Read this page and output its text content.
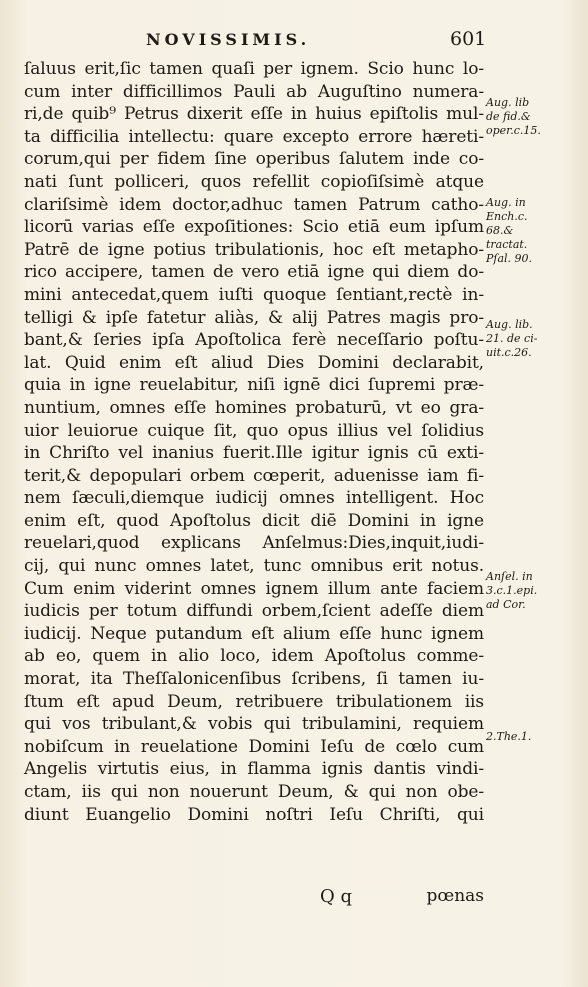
NOVISSIMIS.	601
ſaluus erit,ſic tamen quaſi per ignem. Scio hunc lo-
cum inter difficillimos Pauli ab Auguſtino numera-
ri,de quib⁹ Petrus dixerit eſſe in huius epiſtolis mul-
ta difficilia intellectu: quare excepto errore hæreti-
corum,qui per fidem ſine operibus ſalutem inde co-
nati ſunt polliceri, quos refellit copioſiſsimè atque
clariſsimè idem doctor,adhuc tamen Patrum catho-
licorū varias eſſe expoſitiones: Scio etiā eum ipſum
Patrē de igne potius tribulationis, hoc eſt metapho-
rico accipere, tamen de vero etiā igne qui diem do-
mini antecedat,quem iuſti quoque ſentiant,rectè in-
telligi & ipſe fatetur aliàs, & alij Patres magis pro-
bant,& ſeries ipſa Apoſtolica ferè neceſſario poſtu-
lat. Quid enim eſt aliud Dies Domini declarabit,
quia in igne reuelabitur, niſi ignē dici ſupremi præ-
nuntium, omnes eſſe homines probaturū, vt eo gra-
uior leuiorue cuique ſit, quo opus illius vel ſolidius
in Chriſto vel inanius fuerit.Ille igitur ignis cū exti-
terit,& depopulari orbem cœperit, aduenisse iam fi-
nem ſæculi,diemque iudicij omnes intelligent. Hoc
enim eſt, quod Apoſtolus dicit diē Domini in igne
reuelari,quod explicans Anſelmus:Dies,inquit,iudi-
cij, qui nunc omnes latet, tunc omnibus erit notus.
Cum enim viderint omnes ignem illum ante faciem
iudicis per totum diffundi orbem,ſcient adeſſe diem
iudicij. Neque putandum eſt alium eſſe hunc ignem
ab eo, quem in alio loco, idem Apoſtolus comme-
morat, ita Theſſalonicenſibus ſcribens, ſi tamen iu-
ſtum eſt apud Deum, retribuere tribulationem iis
qui vos tribulant,& vobis qui tribulamini, requiem
nobiſcum in reuelatione Domini Ieſu de cœlo cum
Angelis virtutis eius, in flamma ignis dantis vindi-
ctam, iis qui non nouerunt Deum, & qui non obe-
diunt Euangelio Domini noſtri Ieſu Chriſti, qui
Aug. lib
de fid.&
oper.c.15.
Aug. in
Ench.c.
68.&
tractat.
Pſal. 90.
Aug. lib.
21. de ci-
uit.c.26.
Anſel. in
3.c.1.epi.
ad Cor.
2.The.1.
Q q	pœnas
